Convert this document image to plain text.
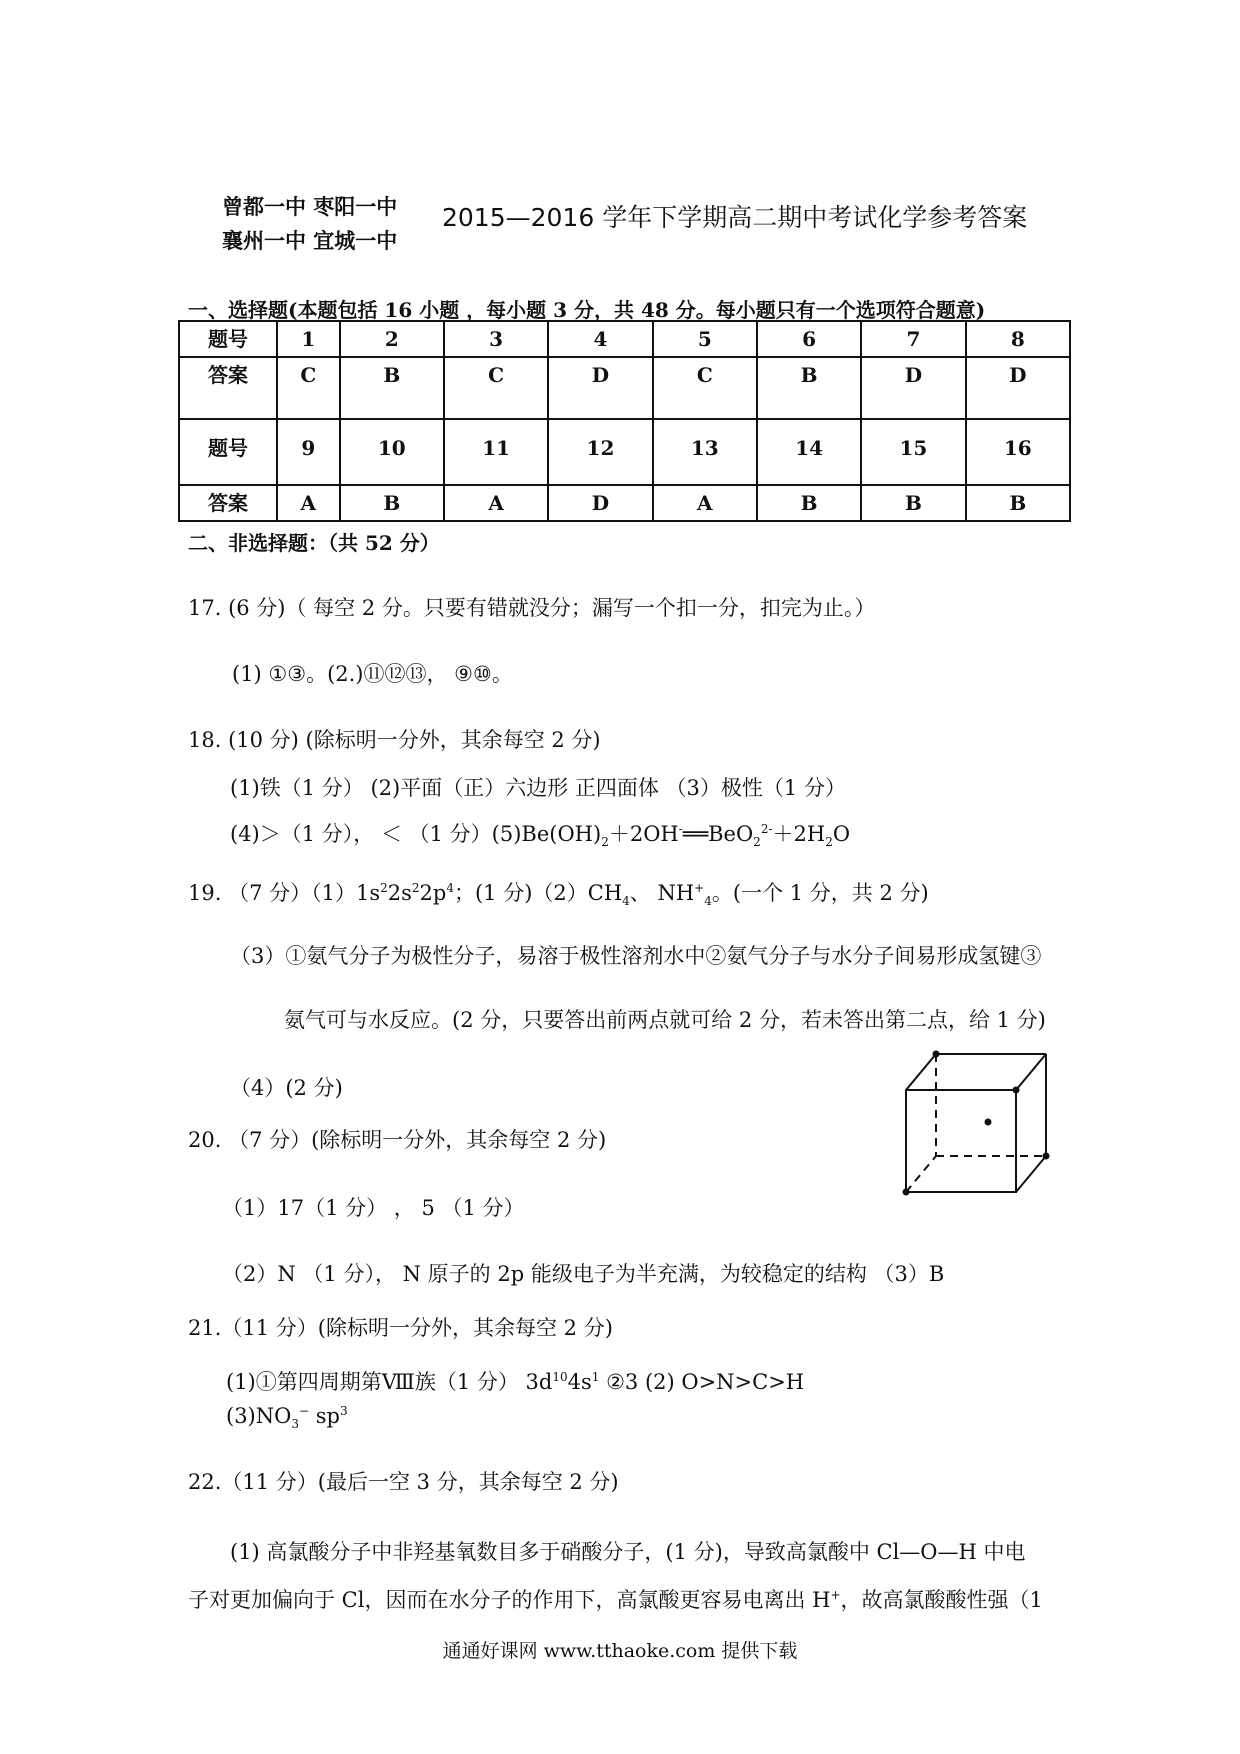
曾都一中 枣阳一中
襄州一中 宜城一中
2015—2016 学年下学期高二期中考试化学参考答案
一、选择题(本题包括 16 小题 ，每小题 3 分，共 48 分。每小题只有一个选项符合题意)
题号	1	2	3	4	5	6	7	8
答案	C	B	C	D	C	B	D	D
题号	9	10	11	12	13	14	15	16
答案	A	B	A	D	A	B	B	B
二、非选择题：（共 52 分）
17. (6 分)（ 每空 2 分。只要有错就没分；漏写一个扣一分，扣完为止。）
(1) ①③。(2.)⑪⑫⑬， ⑨⑩。
18. (10 分) (除标明一分外，其余每空 2 分)
(1)铁（1 分） (2)平面（正）六边形 正四面体 （3）极性（1 分）
(4)＞（1 分）， ＜ （1 分）$(5)Be(OH)_2+2OH^-══BeO_2^{2-}+2H_2O$
19. （7 分）$(1)1s^22s^22p^4$；(1 分)$(2)CH_4$、 $NH^+_4$。(一个 1 分，共 2 分)
（3）①氨气分子为极性分子，易溶于极性溶剂水中②氨气分子与水分子间易形成氢键③
氨气可与水反应。(2 分，只要答出前两点就可给 2 分，若未答出第二点，给 1 分)
（4）(2 分)
20. （7 分）(除标明一分外，其余每空 2 分)
（1）17（1 分） ， 5 （1 分）
（2）N （1 分）， N 原子的 2p 能级电子为半充满，为较稳定的结构 （3）B
21.（11 分）(除标明一分外，其余每空 2 分)
(1)①第四周期第Ⅷ族（1 分） $3d^{10}4s^1$ ②3 (2) O>N>C>H
$(3)NO_3^-$ $sp^3$
22.（11 分）(最后一空 3 分，其余每空 2 分)
(1) 高氯酸分子中非羟基氧数目多于硝酸分子，(1 分)，导致高氯酸中 Cl—O—H 中电
子对更加偏向于 Cl，因而在水分子的作用下，高氯酸更容易电离出 H+，故高氯酸酸性强（1
通通好课网 www.tthaoke.com 提供下载
